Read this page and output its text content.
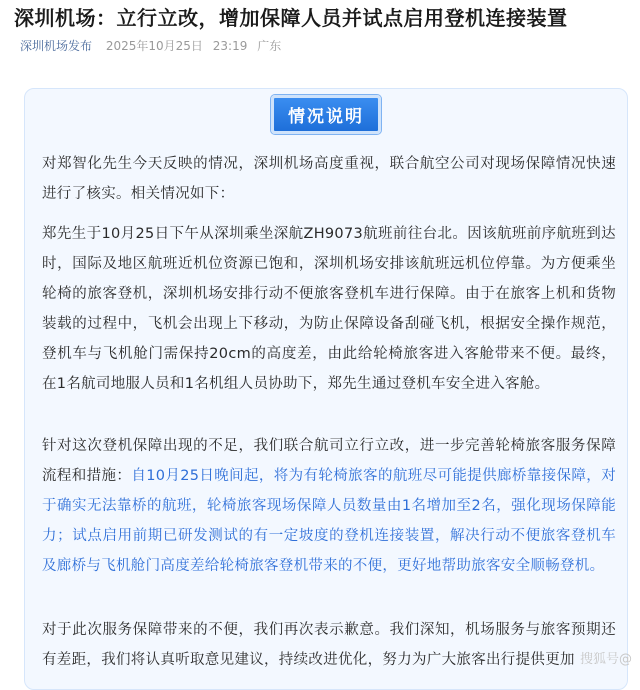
深圳机场：立行立改，增加保障人员并试点启用登机连接装置
深圳机场发布 2025年10月25日 23:19 广东
情况说明
对郑智化先生今天反映的情况，深圳机场高度重视，联合航空公司对现场保障情况快速进行了核实。相关情况如下：
郑先生于10月25日下午从深圳乘坐深航ZH9073航班前往台北。因该航班前序航班到达时，国际及地区航班近机位资源已饱和，深圳机场安排该航班远机位停靠。为方便乘坐轮椅的旅客登机，深圳机场安排行动不便旅客登机车进行保障。由于在旅客上机和货物装载的过程中，飞机会出现上下移动，为防止保障设备刮碰飞机，根据安全操作规范，登机车与飞机舱门需保持20cm的高度差，由此给轮椅旅客进入客舱带来不便。最终，在1名航司地服人员和1名机组人员协助下，郑先生通过登机车安全进入客舱。
针对这次登机保障出现的不足，我们联合航司立行立改，进一步完善轮椅旅客服务保障流程和措施：自10月25日晚间起，将为有轮椅旅客的航班尽可能提供廊桥靠接保障，对于确实无法靠桥的航班，轮椅旅客现场保障人员数量由1名增加至2名，强化现场保障能力；试点启用前期已研发测试的有一定坡度的登机连接装置，解决行动不便旅客登机车及廊桥与飞机舱门高度差给轮椅旅客登机带来的不便，更好地帮助旅客安全顺畅登机。
对于此次服务保障带来的不便，我们再次表示歉意。我们深知，机场服务与旅客预期还有差距，我们将认真听取意见建议，持续改进优化，努力为广大旅客出行提供更加 搜狐号@
